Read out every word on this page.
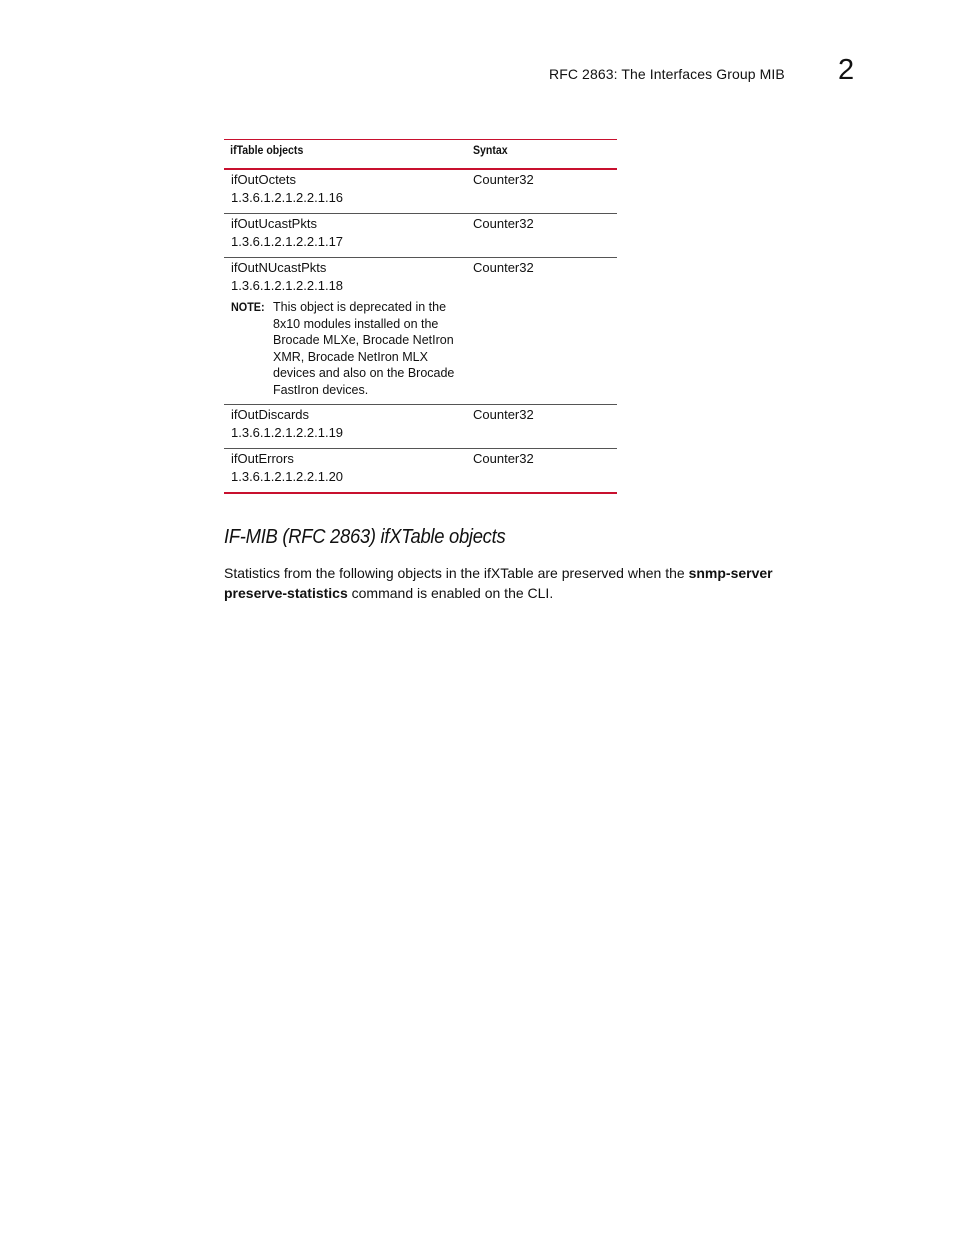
RFC 2863: The Interfaces Group MIB 2
ifTable objects	Syntax
ifOutOctets
1.3.6.1.2.1.2.2.1.16
Counter32
ifOutUcastPkts
1.3.6.1.2.1.2.2.1.17
Counter32
ifOutNUcastPkts
1.3.6.1.2.1.2.2.1.18
NOTE: This object is deprecated in the 8x10 modules installed on the Brocade MLXe, Brocade NetIron XMR, Brocade NetIron MLX devices and also on the Brocade FastIron devices.
Counter32
ifOutDiscards
1.3.6.1.2.1.2.2.1.19
Counter32
ifOutErrors
1.3.6.1.2.1.2.2.1.20
Counter32
IF-MIB (RFC 2863) ifXTable objects

Statistics from the following objects in the ifXTable are preserved when the snmp-server preserve-statistics command is enabled on the CLI.
